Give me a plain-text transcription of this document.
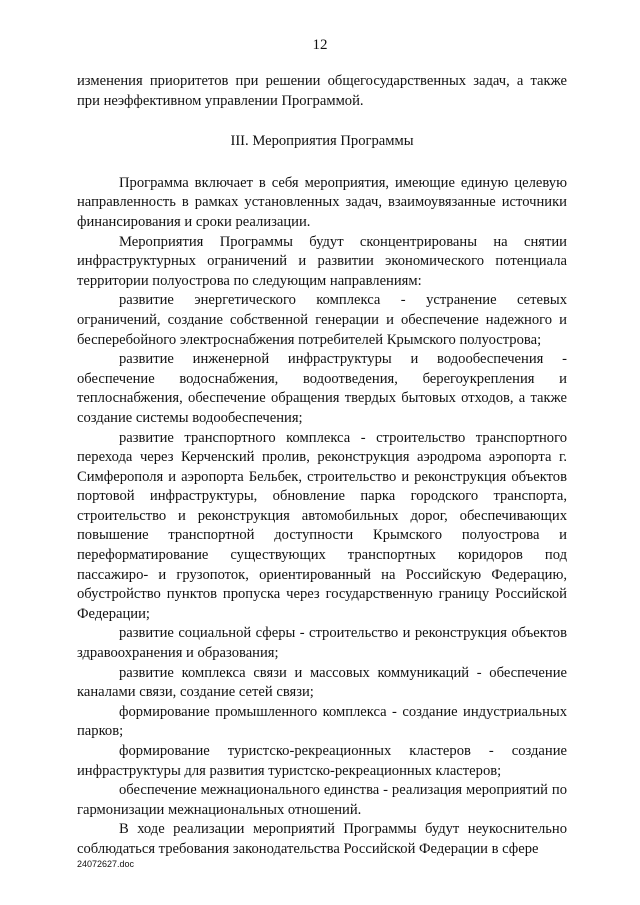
12

изменения приоритетов при решении общегосударственных задач, а также при неэффективном управлении Программой.

III. Мероприятия Программы

Программа включает в себя мероприятия, имеющие единую целевую направленность в рамках установленных задач, взаимоувязанные источники финансирования и сроки реализации.

Мероприятия Программы будут сконцентрированы на снятии инфраструктурных ограничений и развитии экономического потенциала территории полуострова по следующим направлениям:

развитие энергетического комплекса - устранение сетевых ограничений, создание собственной генерации и обеспечение надежного и бесперебойного электроснабжения потребителей Крымского полуострова;

развитие инженерной инфраструктуры и водообеспечения - обеспечение водоснабжения, водоотведения, берегоукрепления и теплоснабжения, обеспечение обращения твердых бытовых отходов, а также создание системы водообеспечения;

развитие транспортного комплекса - строительство транспортного перехода через Керченский пролив, реконструкция аэродрома аэропорта г. Симферополя и аэропорта Бельбек, строительство и реконструкция объектов портовой инфраструктуры, обновление парка городского транспорта, строительство и реконструкция автомобильных дорог, обеспечивающих повышение транспортной доступности Крымского полуострова и переформатирование существующих транспортных коридоров под пассажиро- и грузопоток, ориентированный на Российскую Федерацию, обустройство пунктов пропуска через государственную границу Российской Федерации;

развитие социальной сферы - строительство и реконструкция объектов здравоохранения и образования;

развитие комплекса связи и массовых коммуникаций - обеспечение каналами связи, создание сетей связи;

формирование промышленного комплекса - создание индустриальных парков;

формирование туристско-рекреационных кластеров - создание инфраструктуры для развития туристско-рекреационных кластеров;

обеспечение межнационального единства - реализация мероприятий по гармонизации межнациональных отношений.

В ходе реализации мероприятий Программы будут неукоснительно соблюдаться требования законодательства Российской Федерации в сфере

24072627.doc
